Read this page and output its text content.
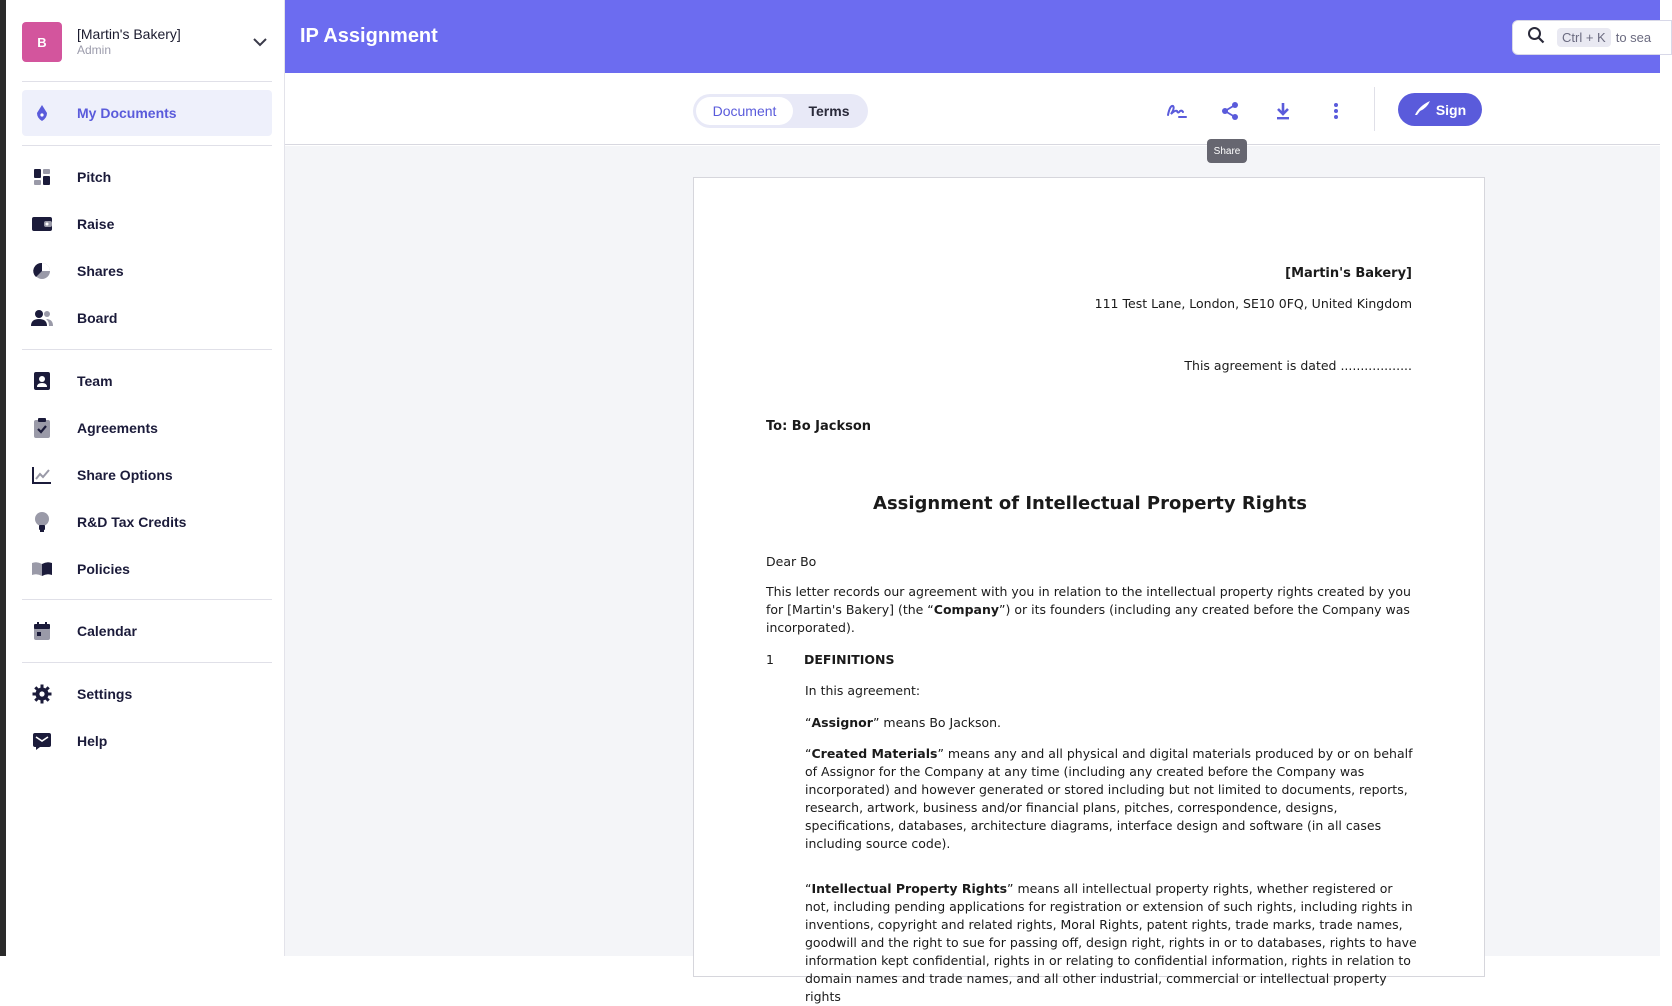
B	[Martin's Bakery]
Admin
My Documents
Pitch
Raise
Shares
Board
Team
Agreements
Share Options
R&D Tax Credits
Policies
Calendar
Settings
Help
IP Assignment	Ctrl + K to sea
Document	Terms	Sign
[Martin's Bakery]
111 Test Lane, London, SE10 0FQ, United Kingdom
This agreement is dated ..................
To: Bo Jackson
Assignment of Intellectual Property Rights
Dear Bo
This letter records our agreement with you in relation to the intellectual property rights created by you for [Martin's Bakery] (the “Company”) or its founders (including any created before the Company was incorporated).
1 DEFINITIONS
In this agreement:
“Assignor” means Bo Jackson.
“Created Materials” means any and all physical and digital materials produced by or on behalf of Assignor for the Company at any time (including any created before the Company was incorporated) and however generated or stored including but not limited to documents, reports, research, artwork, business and/or financial plans, pitches, correspondence, designs, specifications, databases, architecture diagrams, interface design and software (in all cases including source code).
“Intellectual Property Rights” means all intellectual property rights, whether registered or not, including pending applications for registration or extension of such rights, including rights in inventions, copyright and related rights, Moral Rights, patent rights, trade marks, trade names, goodwill and the right to sue for passing off, design right, rights in or to databases, rights to have information kept confidential, rights in or relating to confidential information, rights in relation to domain names and trade names, and all other industrial, commercial or intellectual property rights
Share
